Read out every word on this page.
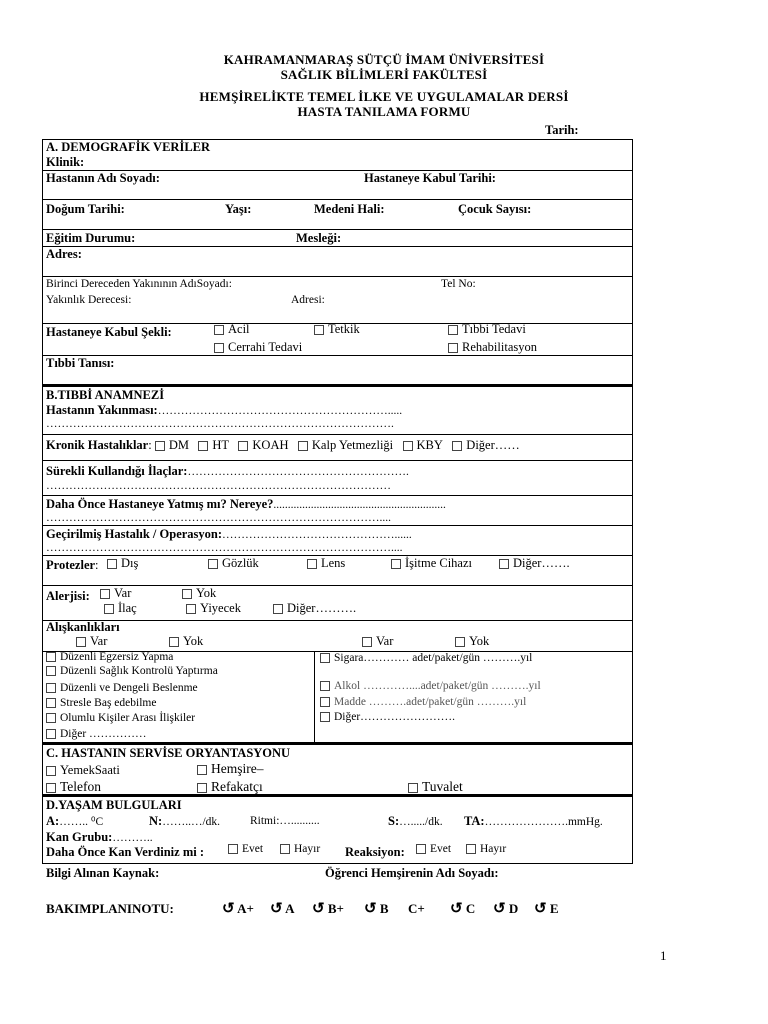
KAHRAMANMARAŞ SÜTÇÜ İMAM ÜNİVERSİTESİ
SAĞLIK BİLİMLERİ FAKÜLTESİ
HEMŞİRELİKTE TEMEL İLKE VE UYGULAMALAR DERSİ
HASTA TANILAMA FORMU
Tarih:
A. DEMOGRAFİK VERİLER
Klinik:
Hastanın Adı Soyadı:	Hastaneye Kabul Tarihi:
Doğum Tarihi:	Yaşı:	Medeni Hali:	Çocuk Sayısı:
Eğitim Durumu:	Mesleği:
Adres:
Birinci Dereceden Yakınının AdıSoyadı:	Tel No:
Yakınlık Derecesi:	Adresi:
Hastaneye Kabul Şekli:	Acil	Tetkik	Tıbbi Tedavi
Cerrahi Tedavi	Rehabilitasyon
Tıbbi Tanısı:
B.TIBBİ ANAMNEZİ
Hastanın Yakınması:…………………………………………………….....
……………………………………………………………………………….
Kronik Hastalıklar: DM HT KOAH Kalp Yetmezliği KBY Diğer……
Sürekli Kullandığı İlaçlar:………………………………………………….
………………………………………………………………………………
Daha Önce Hastaneye Yatmış mı? Nereye?............................................................
……………………………………………………………………………....
Geçirilmiş Hastalık / Operasyon:………………………………………......
………………………………………………………………………………....
Protezler:	Dış	Gözlük	Lens	İşitme Cihazı	Diğer…….
Alerjisi:	Var	Yok
İlaç	Yiyecek	Diğer……….
Alışkanlıkları
Var	Yok	Var	Yok
Düzenli Egzersiz Yapma
Düzenli Sağlık Kontrolü Yaptırma
Düzenli ve Dengeli Beslenme
Stresle Baş edebilme
Olumlu Kişiler Arası İlişkiler
Diğer ……………
Sigara………… adet/paket/gün ……….yıl
Alkol …………....adet/paket/gün ……….yıl
Madde ……….adet/paket/gün ……….yıl
Diğer…………………….
C. HASTANIN SERVİSE ORYANTASYONU
YemekSaati	Hemşire–
Telefon	Refakatçı	Tuvalet
D.YAŞAM BULGULARI
A:…….. ⁰C	N:……..…/dk.	Ritmi:…..........	S:…...../dk. TA:………………….mmHg.
Kan Grubu:………..
Daha Önce Kan Verdiniz mi :	Evet	Hayır Reaksiyon:	Evet	Hayır
Bilgi Alınan Kaynak:	Öğrenci Hemşirenin Adı Soyadı:
BAKIMPLANINOTU:	↺ A+ ↺ A ↺ B+ ↺ B C+ ↺ C ↺ D ↺ E
1
